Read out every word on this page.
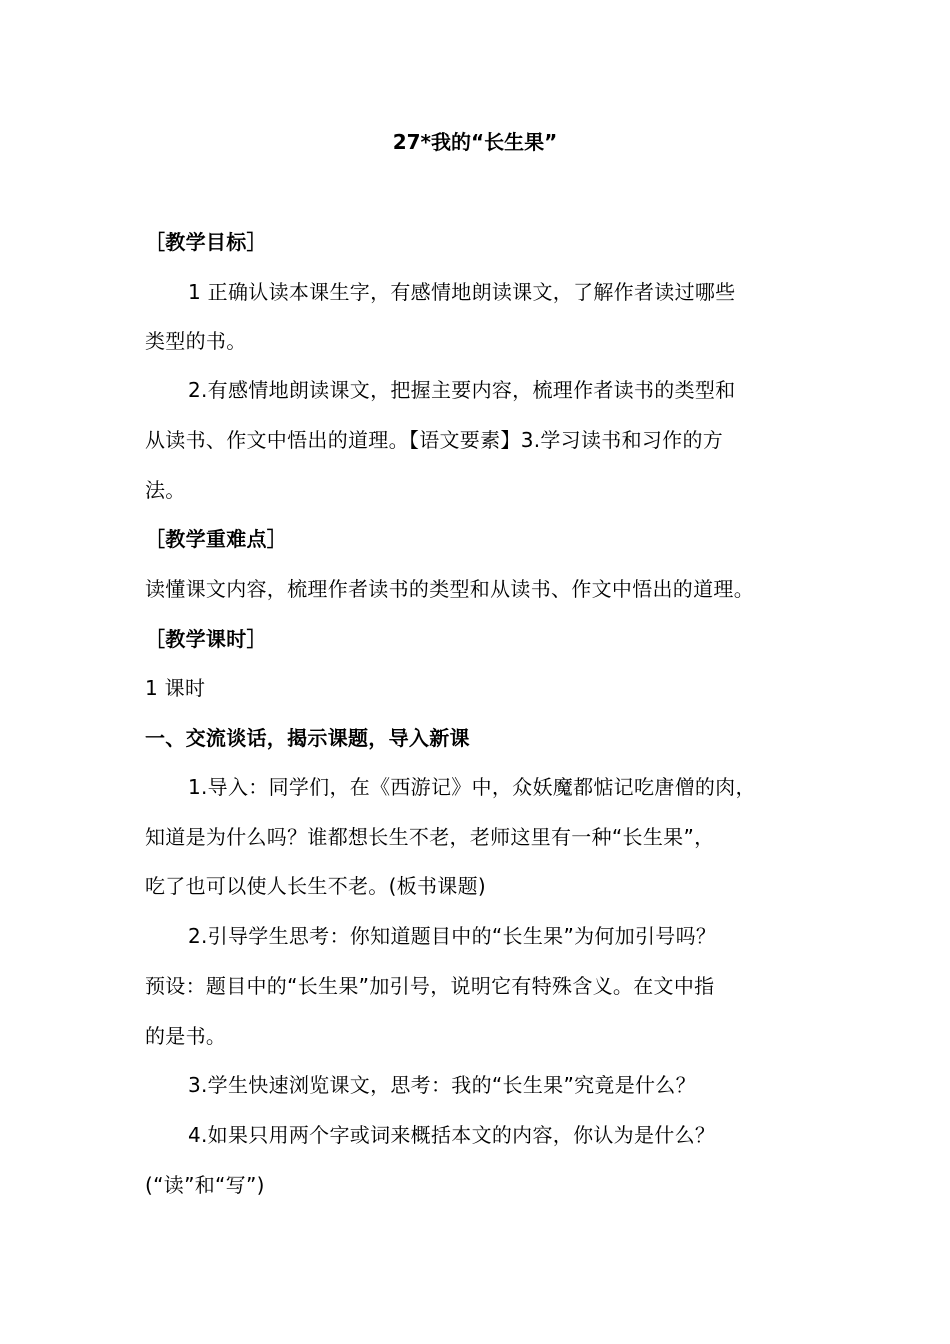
27*我的“长生果”
［教学目标］
1 正确认读本课生字，有感情地朗读课文，了解作者读过哪些
类型的书。
2.有感情地朗读课文，把握主要内容，梳理作者读书的类型和
从读书、作文中悟出的道理。【语文要素】3.学习读书和习作的方
法。
［教学重难点］
读懂课文内容，梳理作者读书的类型和从读书、作文中悟出的道理。
［教学课时］
1 课时
一、交流谈话，揭示课题，导入新课
1.导入：同学们，在《西游记》中，众妖魔都惦记吃唐僧的肉，
知道是为什么吗？谁都想长生不老，老师这里有一种“长生果”，
吃了也可以使人长生不老。(板书课题)
2.引导学生思考：你知道题目中的“长生果”为何加引号吗？
预设：题目中的“长生果”加引号，说明它有特殊含义。在文中指
的是书。
3.学生快速浏览课文，思考：我的“长生果”究竟是什么？
4.如果只用两个字或词来概括本文的内容，你认为是什么？
(“读”和“写”)
